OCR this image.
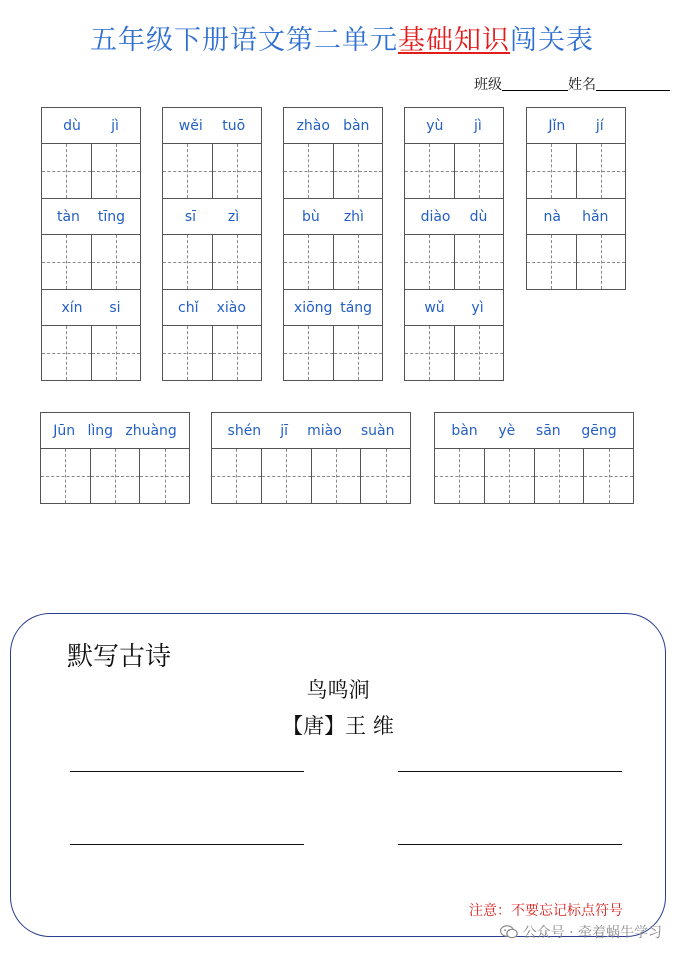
五年级下册语文第二单元基础知识闯关表
班级	姓名
dù jì	wěi tuō	zhào bàn	yù jì	Jǐn jí
tàn tīng	sī zì	bù zhì	diào dù	nà hǎn
xín si	chǐ xiào	xiōng táng	wǔ yì
Jūn lìng zhuàng	shén jī miào suàn	bàn yè sān gēng
默写古诗
鸟鸣涧
【唐】王 维
注意：不要忘记标点符号
公众号 · 牵着蜗牛学习
